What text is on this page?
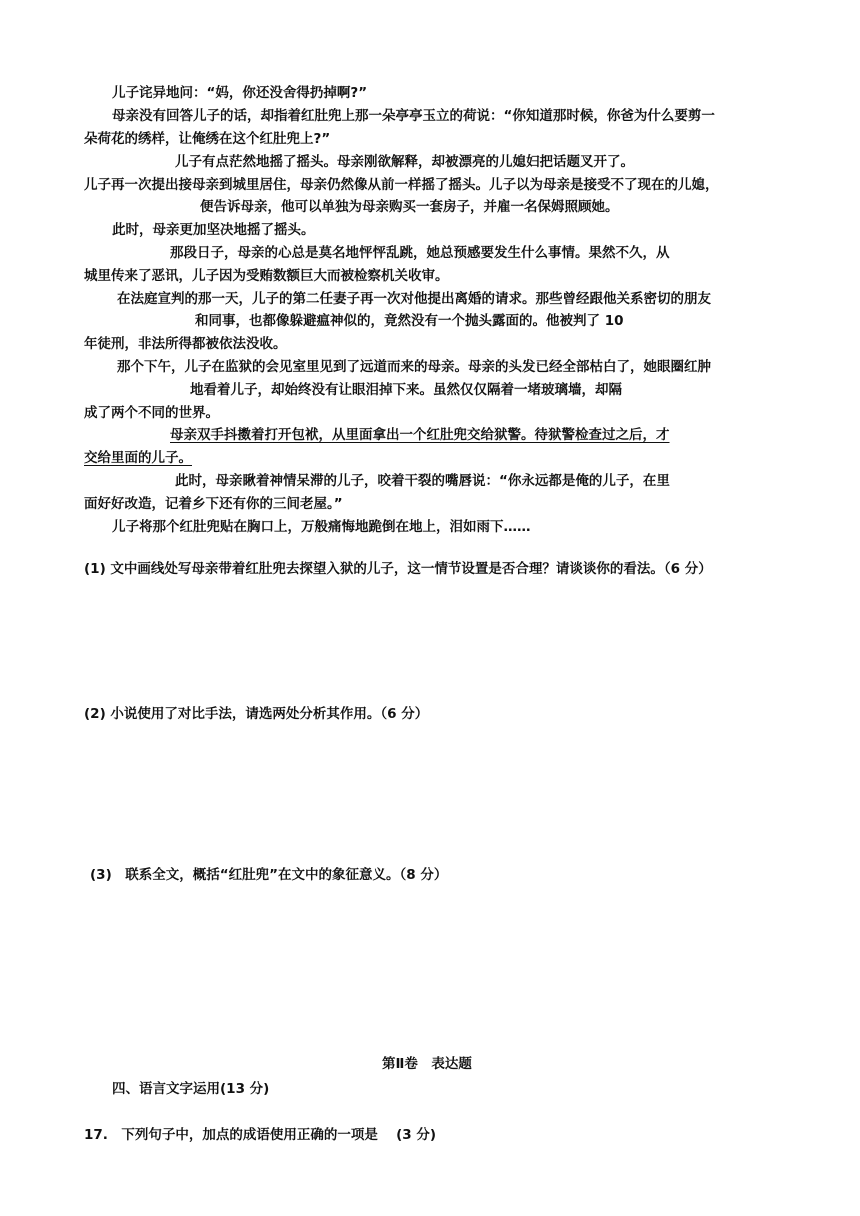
儿子诧异地问：“妈，你还没舍得扔掉啊?”

母亲没有回答儿子的话，却指着红肚兜上那一朵亭亭玉立的荷说：“你知道那时候，你爸为什么要剪一

朵荷花的绣样，让俺绣在这个红肚兜上?”

儿子有点茫然地摇了摇头。母亲刚欲解释，却被漂亮的儿媳妇把话题叉开了。

儿子再一次提出接母亲到城里居住，母亲仍然像从前一样摇了摇头。儿子以为母亲是接受不了现在的儿媳，

便告诉母亲，他可以单独为母亲购买一套房子，并雇一名保姆照顾她。

此时，母亲更加坚决地摇了摇头。

那段日子，母亲的心总是莫名地怦怦乱跳，她总预感要发生什么事情。果然不久，从

城里传来了恶讯，儿子因为受贿数额巨大而被检察机关收审。

在法庭宣判的那一天，儿子的第二任妻子再一次对他提出离婚的请求。那些曾经跟他关系密切的朋友

和同事，也都像躲避瘟神似的，竟然没有一个抛头露面的。他被判了 10

年徒刑，非法所得都被依法没收。

那个下午，儿子在监狱的会见室里见到了远道而来的母亲。母亲的头发已经全部枯白了，她眼圈红肿

地看着儿子，却始终没有让眼泪掉下来。虽然仅仅隔着一堵玻璃墙，却隔

成了两个不同的世界。

母亲双手抖擞着打开包袱，从里面拿出一个红肚兜交给狱警。待狱警检查过之后，才

交给里面的儿子。

此时，母亲瞅着神情呆滞的儿子，咬着干裂的嘴唇说：“你永远都是俺的儿子，在里

面好好改造，记着乡下还有你的三间老屋。”

儿子将那个红肚兜贴在胸口上，万般痛悔地跪倒在地上，泪如雨下……

(1) 文中画线处写母亲带着红肚兜去探望入狱的儿子，这一情节设置是否合理？请谈谈你的看法。（6 分）

(2) 小说使用了对比手法，请选两处分析其作用。（6 分）

(3)　联系全文，概括“红肚兜”在文中的象征意义。（8 分）

第Ⅱ卷　表达题

四、语言文字运用(13 分)

17.　下列句子中，加点的成语使用正确的一项是　 (3 分)
